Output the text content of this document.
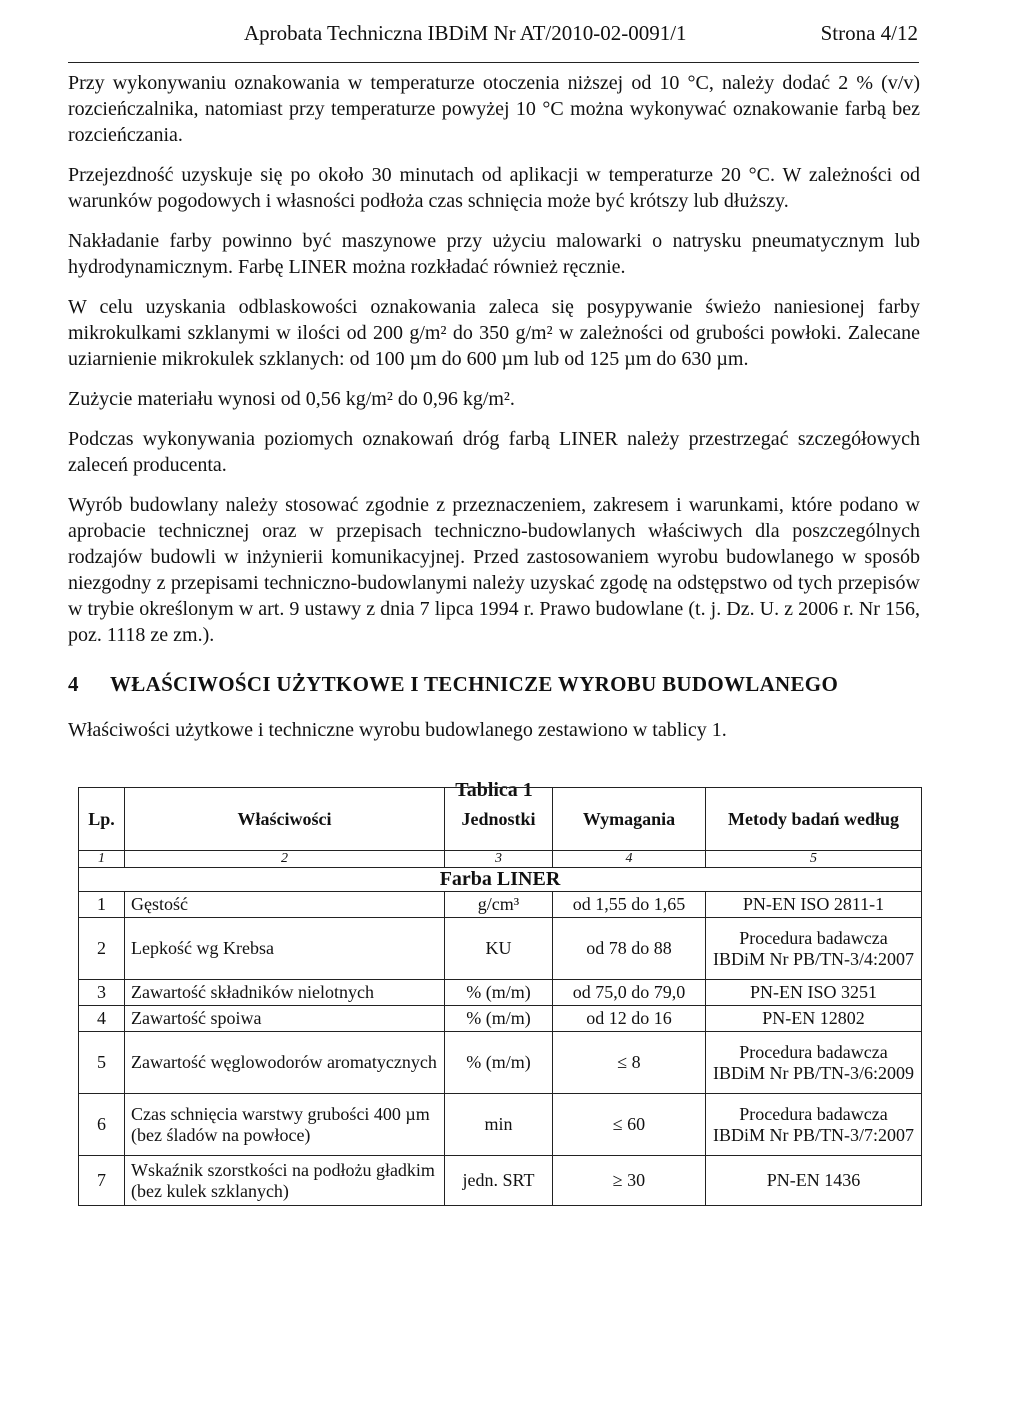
Aprobata Techniczna IBDiM Nr AT/2010-02-0091/1	Strona 4/12

Przy wykonywaniu oznakowania w temperaturze otoczenia niższej od 10 °C, należy dodać 2 % (v/v) rozcieńczalnika, natomiast przy temperaturze powyżej 10 °C można wykonywać oznakowanie farbą bez rozcieńczania.

Przejezdność uzyskuje się po około 30 minutach od aplikacji w temperaturze 20 °C. W zależności od warunków pogodowych i własności podłoża czas schnięcia może być krótszy lub dłuższy.

Nakładanie farby powinno być maszynowe przy użyciu malowarki o natrysku pneumatycznym lub hydrodynamicznym. Farbę LINER można rozkładać również ręcznie.

W celu uzyskania odblaskowości oznakowania zaleca się posypywanie świeżo naniesionej farby mikrokulkami szklanymi w ilości od 200 g/m² do 350 g/m² w zależności od grubości powłoki. Zalecane uziarnienie mikrokulek szklanych: od 100 µm do 600 µm lub od 125 µm do 630 µm.

Zużycie materiału wynosi od 0,56 kg/m² do 0,96 kg/m².

Podczas wykonywania poziomych oznakowań dróg farbą LINER należy przestrzegać szczegółowych zaleceń producenta.

Wyrób budowlany należy stosować zgodnie z przeznaczeniem, zakresem i warunkami, które podano w aprobacie technicznej oraz w przepisach techniczno-budowlanych właściwych dla poszczególnych rodzajów budowli w inżynierii komunikacyjnej. Przed zastosowaniem wyrobu budowlanego w sposób niezgodny z przepisami techniczno-budowlanymi należy uzyskać zgodę na odstępstwo od tych przepisów w trybie określonym w art. 9 ustawy z dnia 7 lipca 1994 r. Prawo budowlane (t. j. Dz. U. z 2006 r. Nr 156, poz. 1118 ze zm.).

4 WŁAŚCIWOŚCI UŻYTKOWE I TECHNICZE WYROBU BUDOWLANEGO

Właściwości użytkowe i techniczne wyrobu budowlanego zestawiono w tablicy 1.

Tablica 1
Lp.	Właściwości	Jednostki	Wymagania	Metody badań według
1	2	3	4	5
Farba LINER				
1	Gęstość	g/cm³	od 1,55 do 1,65	PN-EN ISO 2811-1
2	Lepkość wg Krebsa	KU	od 78 do 88	Procedura badawcza IBDiM Nr PB/TN-3/4:2007
3	Zawartość składników nielotnych	% (m/m)	od 75,0 do 79,0	PN-EN ISO 3251
4	Zawartość spoiwa	% (m/m)	od 12 do 16	PN-EN 12802
5	Zawartość węglowodorów aromatycznych	% (m/m)	≤ 8	Procedura badawcza IBDiM Nr PB/TN-3/6:2009
6	Czas schnięcia warstwy grubości 400 µm (bez śladów na powłoce)	min	≤ 60	Procedura badawcza IBDiM Nr PB/TN-3/7:2007
7	Wskaźnik szorstkości na podłożu gładkim (bez kulek szklanych)	jedn. SRT	≥ 30	PN-EN 1436
